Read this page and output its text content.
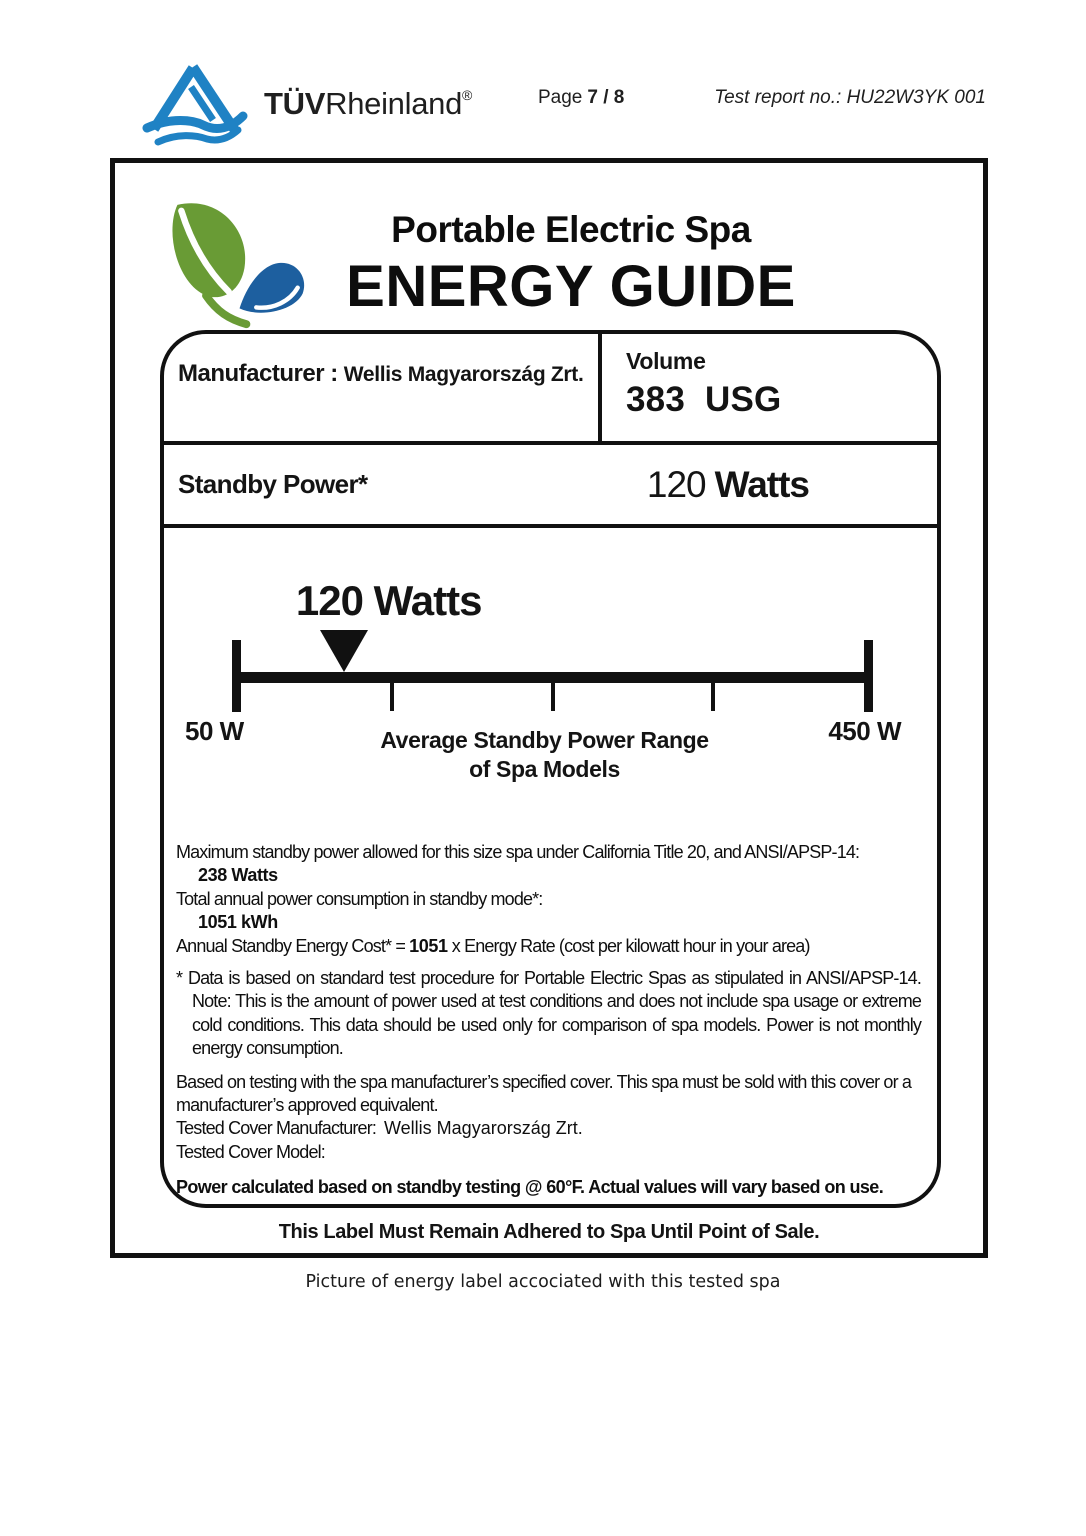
TÜVRheinland®	Page 7 / 8	Test report no.: HU22W3YK 001
Portable Electric Spa
ENERGY GUIDE
Manufacturer : Wellis Magyarország Zrt.
Volume
383 USG
Standby Power*	120 Watts
120 Watts
50 W	450 W
Average Standby Power Range
of Spa Models
Maximum standby power allowed for this size spa under California Title 20, and ANSI/APSP-14:
238 Watts
Total annual power consumption in standby mode*:
1051 kWh
Annual Standby Energy Cost* = 1051 x Energy Rate (cost per kilowatt hour in your area)
* Data is based on standard test procedure for Portable Electric Spas as stipulated in ANSI/APSP-14. Note: This is the amount of power used at test conditions and does not include spa usage or extreme cold conditions. This data should be used only for comparison of spa models. Power is not monthly energy consumption.
Based on testing with the spa manufacturer’s specified cover. This spa must be sold with this cover or a manufacturer’s approved equivalent.
Tested Cover Manufacturer: Wellis Magyarország Zrt.
Tested Cover Model:
Power calculated based on standby testing @ 60°F. Actual values will vary based on use.
This Label Must Remain Adhered to Spa Until Point of Sale.
Picture of energy label accociated with this tested spa
